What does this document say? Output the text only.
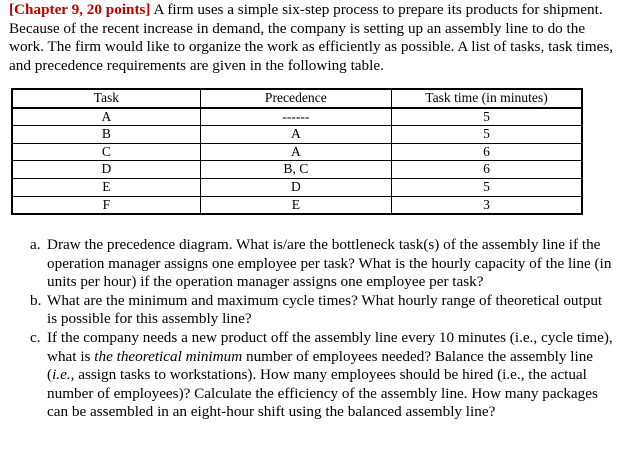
[Chapter 9, 20 points] A firm uses a simple six-step process to prepare its products for shipment. Because of the recent increase in demand, the company is setting up an assembly line to do the work. The firm would like to organize the work as efficiently as possible. A list of tasks, task times, and precedence requirements are given in the following table.

Task	Precedence	Task time (in minutes)
A	------	5
B	A	5
C	A	6
D	B, C	6
E	D	5
F	E	3
a. Draw the precedence diagram. What is/are the bottleneck task(s) of the assembly line if the operation manager assigns one employee per task? What is the hourly capacity of the line (in units per hour) if the operation manager assigns one employee per task?
b. What are the minimum and maximum cycle times? What hourly range of theoretical output is possible for this assembly line?
c. If the company needs a new product off the assembly line every 10 minutes (i.e., cycle time), what is the theoretical minimum number of employees needed? Balance the assembly line (i.e., assign tasks to workstations). How many employees should be hired (i.e., the actual number of employees)? Calculate the efficiency of the assembly line. How many packages can be assembled in an eight-hour shift using the balanced assembly line?
